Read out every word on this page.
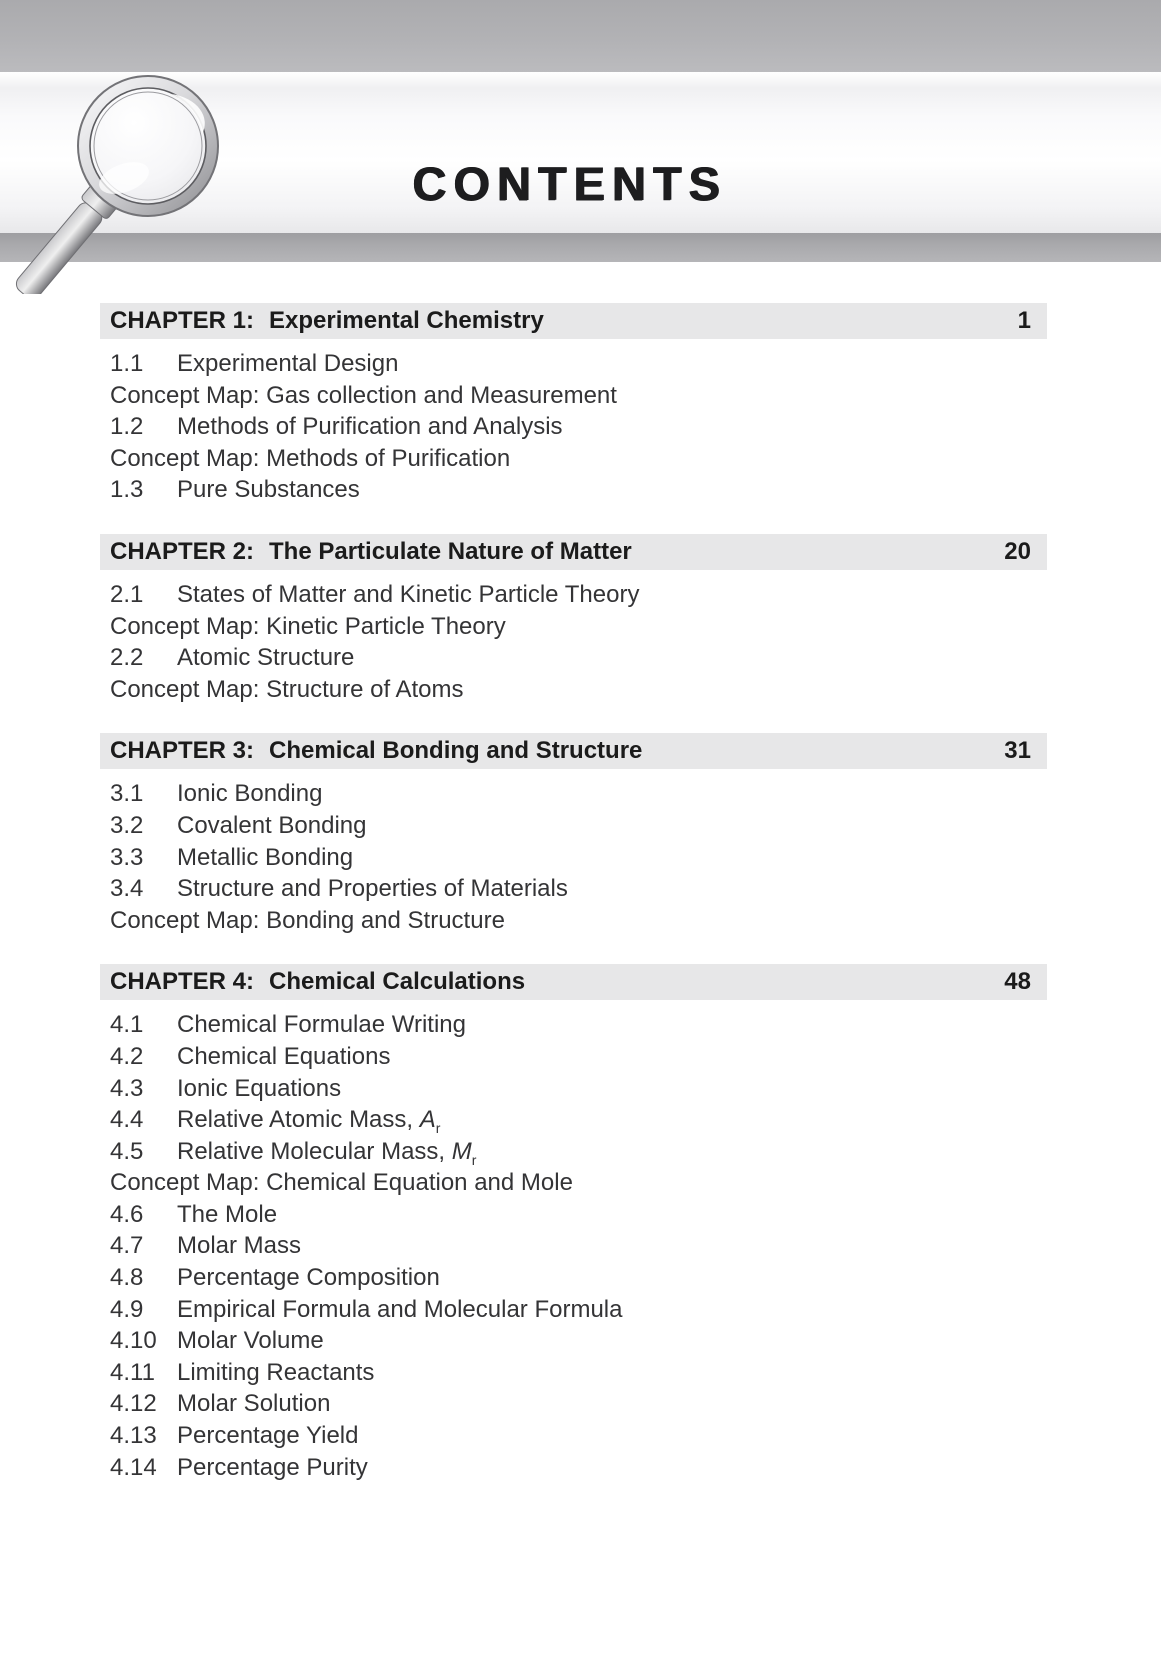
CONTENTS
CHAPTER 1: Experimental Chemistry	1
1.1	Experimental Design
Concept Map: Gas collection and Measurement
1.2	Methods of Purification and Analysis
Concept Map: Methods of Purification
1.3	Pure Substances
CHAPTER 2: The Particulate Nature of Matter	20
2.1	States of Matter and Kinetic Particle Theory
Concept Map: Kinetic Particle Theory
2.2	Atomic Structure
Concept Map: Structure of Atoms
CHAPTER 3: Chemical Bonding and Structure	31
3.1	Ionic Bonding
3.2	Covalent Bonding
3.3	Metallic Bonding
3.4	Structure and Properties of Materials
Concept Map: Bonding and Structure
CHAPTER 4: Chemical Calculations	48
4.1	Chemical Formulae Writing
4.2	Chemical Equations
4.3	Ionic Equations
4.4	Relative Atomic Mass, $A_r$
4.5	Relative Molecular Mass, $M_r$
Concept Map: Chemical Equation and Mole
4.6	The Mole
4.7	Molar Mass
4.8	Percentage Composition
4.9	Empirical Formula and Molecular Formula
4.10 Molar Volume
4.11 Limiting Reactants
4.12 Molar Solution
4.13 Percentage Yield
4.14 Percentage Purity
